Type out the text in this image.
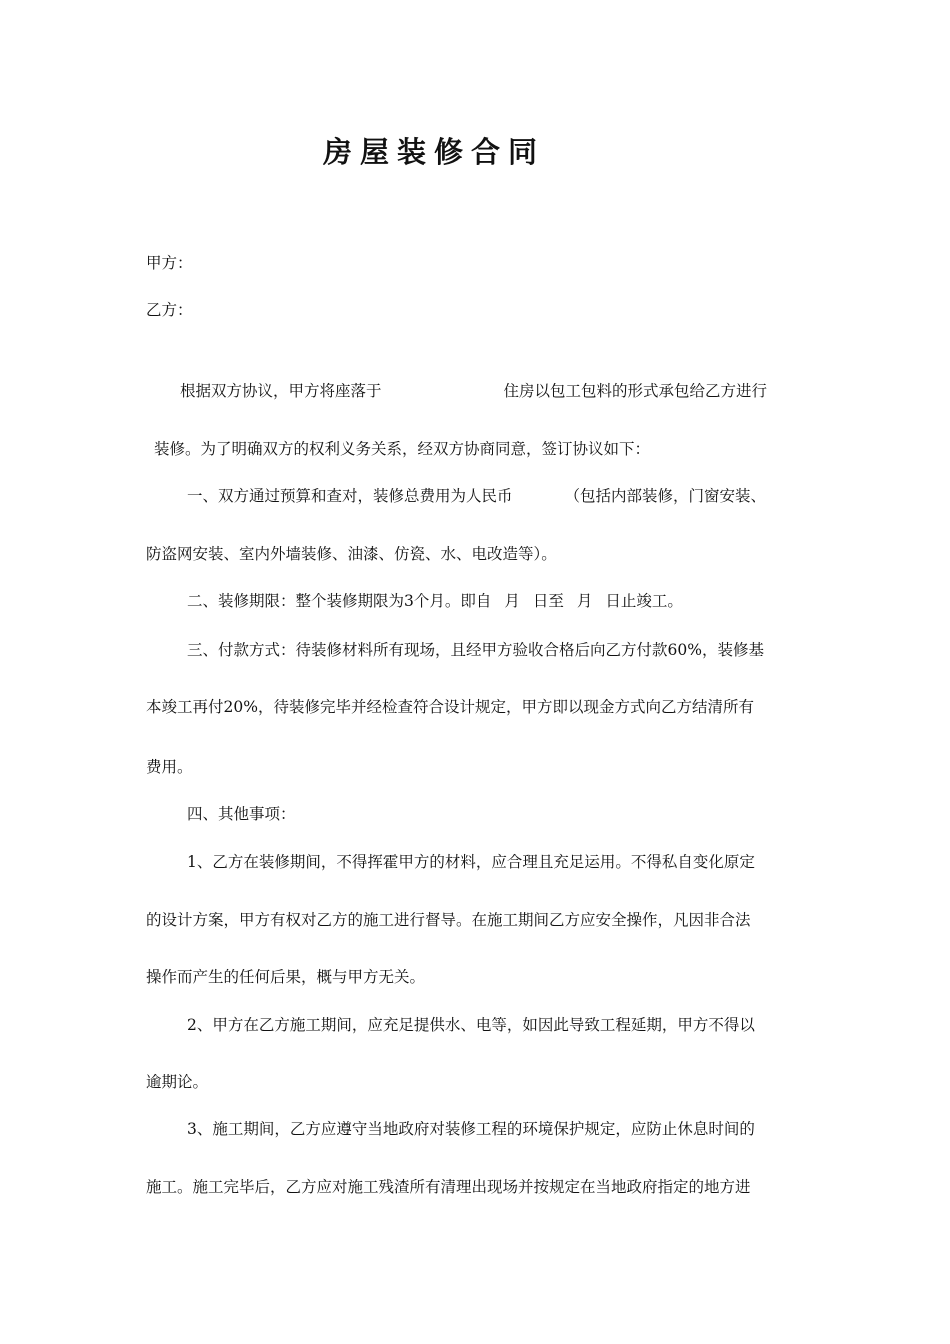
房屋装修合同

甲方：

乙方：

根据双方协议，甲方将座落于	住房以包工包料的形式承包给乙方进行

装修。为了明确双方的权利义务关系，经双方协商同意，签订协议如下：

一、双方通过预算和查对，装修总费用为人民币	（包括内部装修，门窗安装、

防盗网安装、室内外墙装修、油漆、仿瓷、水、电改造等）。

二、装修期限：整个装修期限为3个月。即自 月 日至 月 日止竣工。

三、付款方式：待装修材料所有现场，且经甲方验收合格后向乙方付款60%，装修基

本竣工再付20%，待装修完毕并经检查符合设计规定，甲方即以现金方式向乙方结清所有

费用。

四、其他事项：

1、乙方在装修期间，不得挥霍甲方的材料，应合理且充足运用。不得私自变化原定

的设计方案，甲方有权对乙方的施工进行督导。在施工期间乙方应安全操作，凡因非合法

操作而产生的任何后果，概与甲方无关。

2、甲方在乙方施工期间，应充足提供水、电等，如因此导致工程延期，甲方不得以

逾期论。

3、施工期间，乙方应遵守当地政府对装修工程的环境保护规定，应防止休息时间的

施工。施工完毕后，乙方应对施工残渣所有清理出现场并按规定在当地政府指定的地方进
